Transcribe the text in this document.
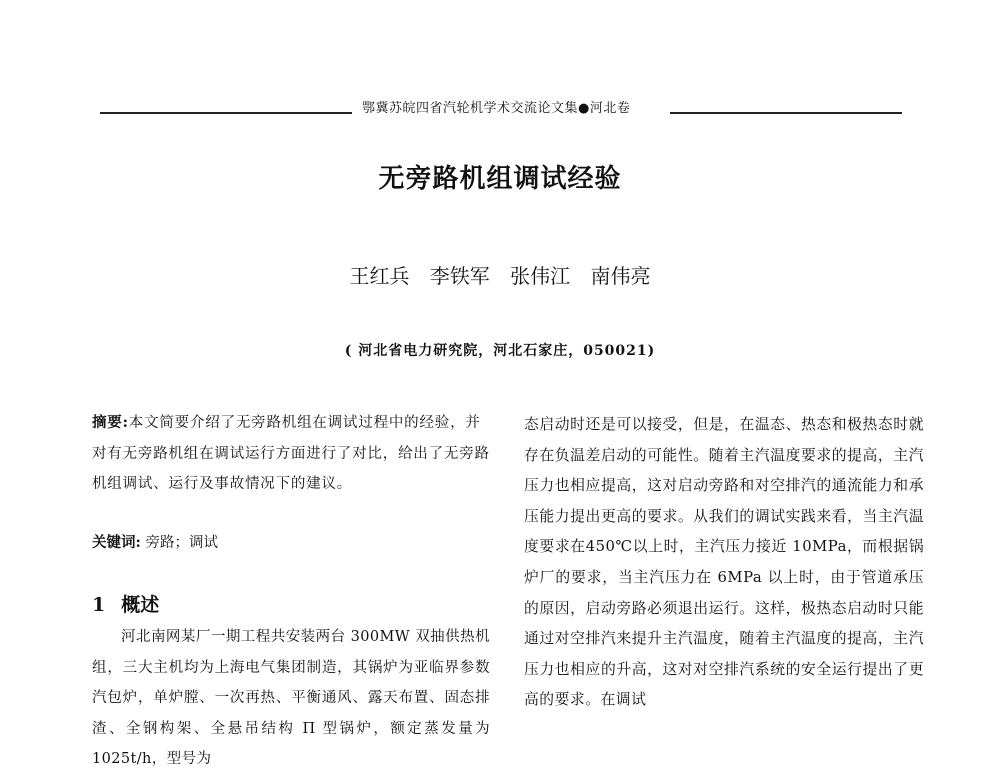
鄂冀苏皖四省汽轮机学术交流论文集●河北卷
无旁路机组调试经验
王红兵 李铁军 张伟江 南伟亮
( 河北省电力研究院，河北石家庄，050021)
摘要:本文简要介绍了无旁路机组在调试过程中的经验，并对有无旁路机组在调试运行方面进行了对比，给出了无旁路机组调试、运行及事故情况下的建议。
关键词: 旁路；调试
1 概述
河北南网某厂一期工程共安装两台 300MW 双抽供热机组，三大主机均为上海电气集团制造，其锅炉为亚临界参数汽包炉，单炉膛、一次再热、平衡通风、露天布置、固态排渣、全钢构架、全悬吊结构 Π 型锅炉，额定蒸发量为 1025t/h，型号为
态启动时还是可以接受，但是，在温态、热态和极热态时就存在负温差启动的可能性。随着主汽温度要求的提高，主汽压力也相应提高，这对启动旁路和对空排汽的通流能力和承压能力提出更高的要求。从我们的调试实践来看，当主汽温度要求在450℃以上时，主汽压力接近 10MPa，而根据锅炉厂的要求，当主汽压力在 6MPa 以上时，由于管道承压的原因，启动旁路必须退出运行。这样，极热态启动时只能通过对空排汽来提升主汽温度，随着主汽温度的提高，主汽压力也相应的升高，这对对空排汽系统的安全运行提出了更高的要求。在调试
